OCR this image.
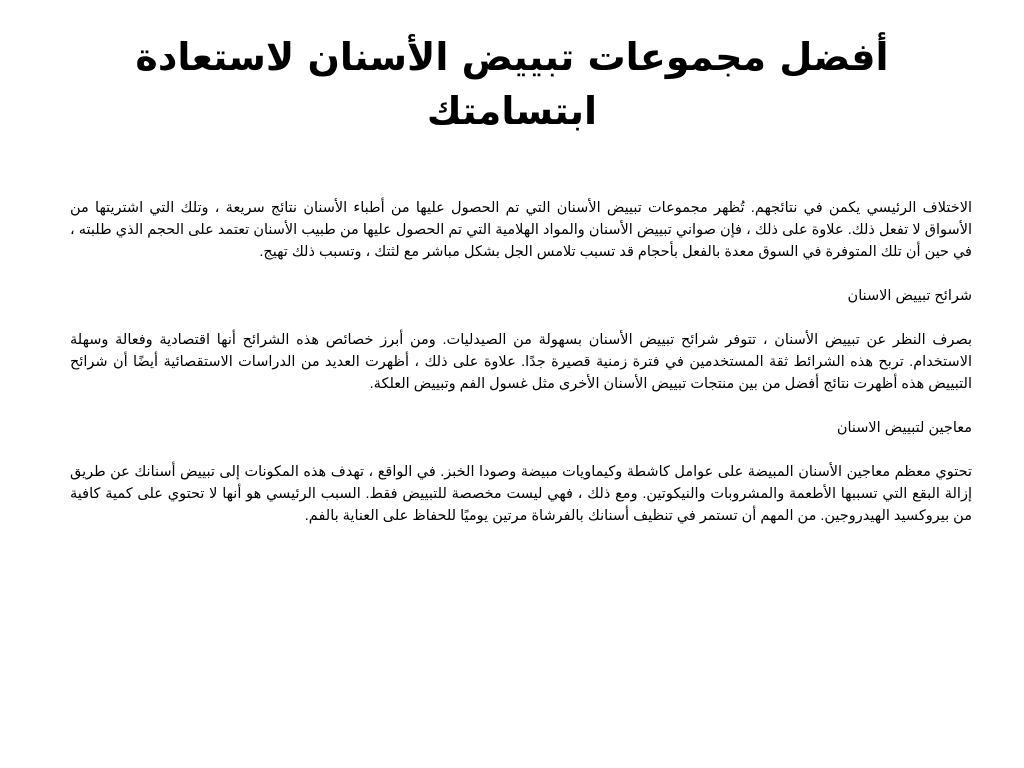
أفضل مجموعات تبييض الأسنان لاستعادة ابتسامتك

الاختلاف الرئيسي يكمن في نتائجهم. تُظهر مجموعات تبييض الأسنان التي تم الحصول عليها من أطباء الأسنان نتائج سريعة ، وتلك التي اشتريتها من الأسواق لا تفعل ذلك. علاوة على ذلك ، فإن صواني تبييض الأسنان والمواد الهلامية التي تم الحصول عليها من طبيب الأسنان تعتمد على الحجم الذي طلبته ، في حين أن تلك المتوفرة في السوق معدة بالفعل بأحجام قد تسبب تلامس الجل بشكل مباشر مع لثتك ، وتسبب ذلك تهيج.

شرائح تبييض الاسنان

بصرف النظر عن تبييض الأسنان ، تتوفر شرائح تبييض الأسنان بسهولة من الصيدليات. ومن أبرز خصائص هذه الشرائح أنها اقتصادية وفعالة وسهلة الاستخدام. تربح هذه الشرائط ثقة المستخدمين في فترة زمنية قصيرة جدًا. علاوة على ذلك ، أظهرت العديد من الدراسات الاستقصائية أيضًا أن شرائح التبييض هذه أظهرت نتائج أفضل من بين منتجات تبييض الأسنان الأخرى مثل غسول الفم وتبييض العلكة.

معاجين لتبييض الاسنان

تحتوي معظم معاجين الأسنان المبيضة على عوامل كاشطة وكيماويات مبيضة وصودا الخبز. في الواقع ، تهدف هذه المكونات إلى تبييض أسنانك عن طريق إزالة البقع التي تسببها الأطعمة والمشروبات والنيكوتين. ومع ذلك ، فهي ليست مخصصة للتبييض فقط. السبب الرئيسي هو أنها لا تحتوي على كمية كافية من بيروكسيد الهيدروجين. من المهم أن تستمر في تنظيف أسنانك بالفرشاة مرتين يوميًا للحفاظ على العناية بالفم.
